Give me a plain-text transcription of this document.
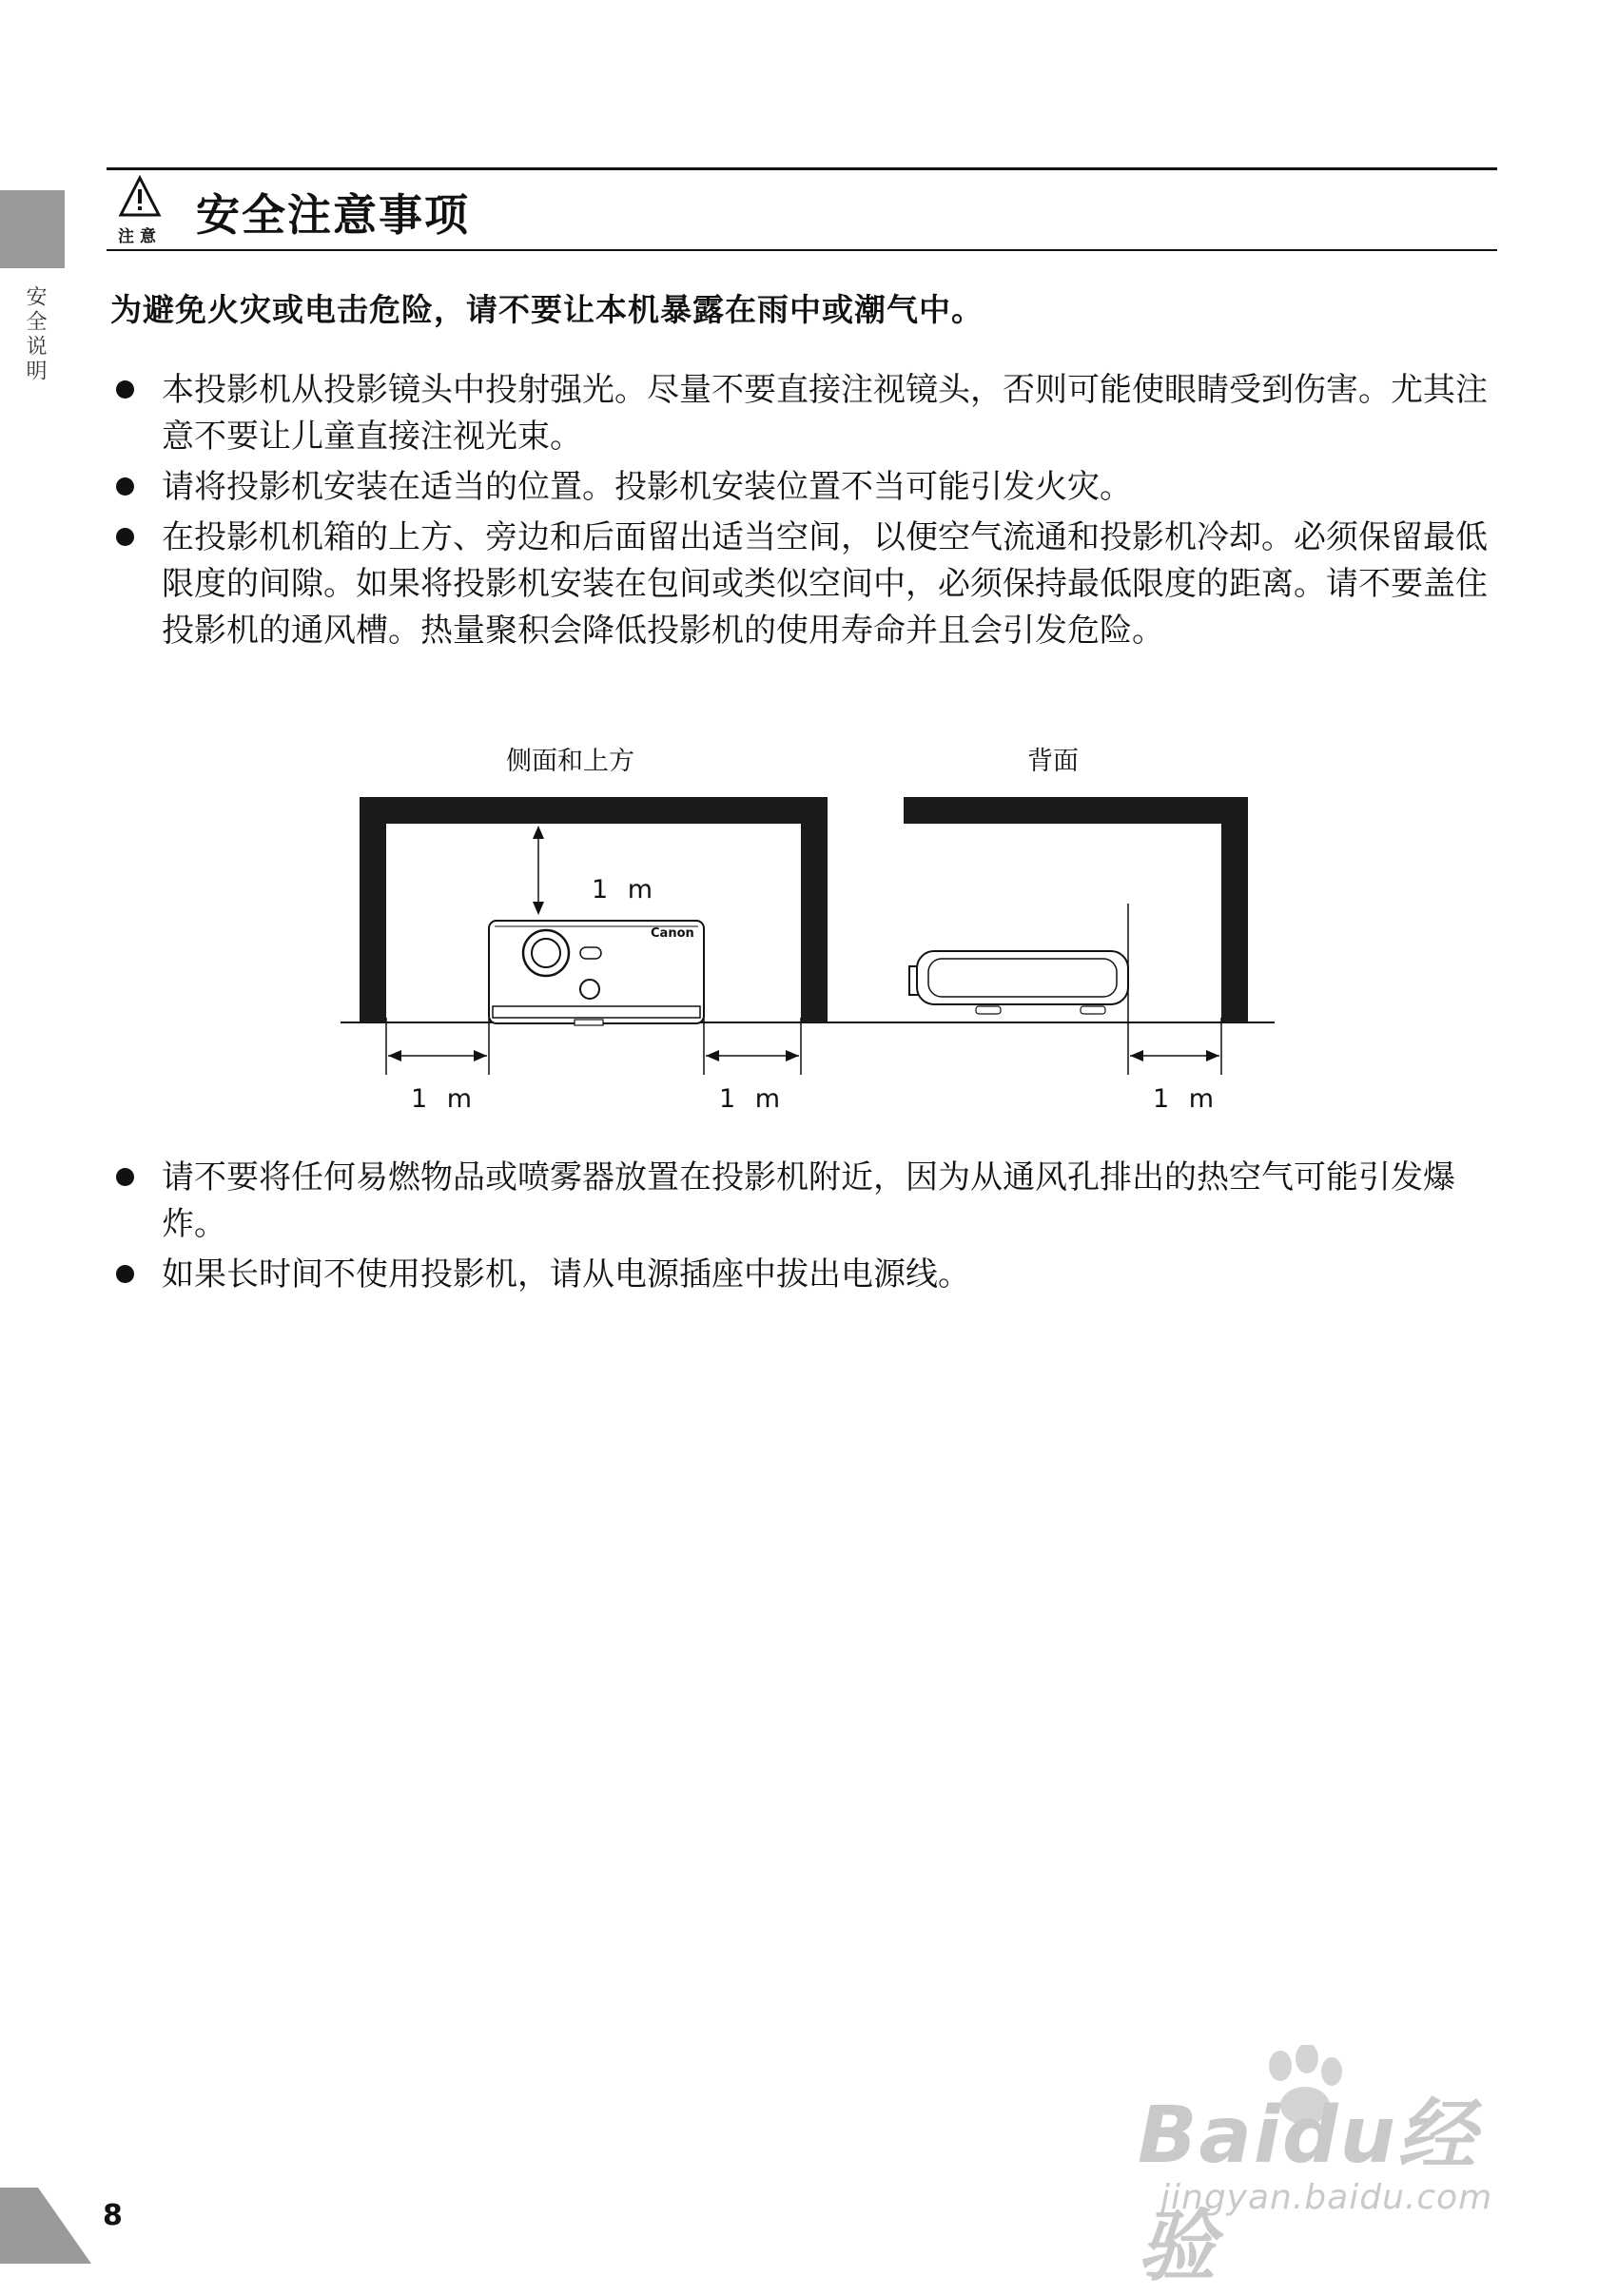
安全说明
注意 安全注意事项
为避免火灾或电击危险，请不要让本机暴露在雨中或潮气中。
本投影机从投影镜头中投射强光。尽量不要直接注视镜头，否则可能使眼睛受到伤害。尤其注意不要让儿童直接注视光束。
请将投影机安装在适当的位置。投影机安装位置不当可能引发火灾。
在投影机机箱的上方、旁边和后面留出适当空间，以便空气流通和投影机冷却。必须保留最低限度的间隙。如果将投影机安装在包间或类似空间中，必须保持最低限度的距离。请不要盖住投影机的通风槽。热量聚积会降低投影机的使用寿命并且会引发危险。
侧面和上方	背面
1 m
1 m	1 m	1 m
Canon
请不要将任何易燃物品或喷雾器放置在投影机附近，因为从通风孔排出的热空气可能引发爆炸。
如果长时间不使用投影机，请从电源插座中拔出电源线。
8
Baidu经验
jingyan.baidu.com
